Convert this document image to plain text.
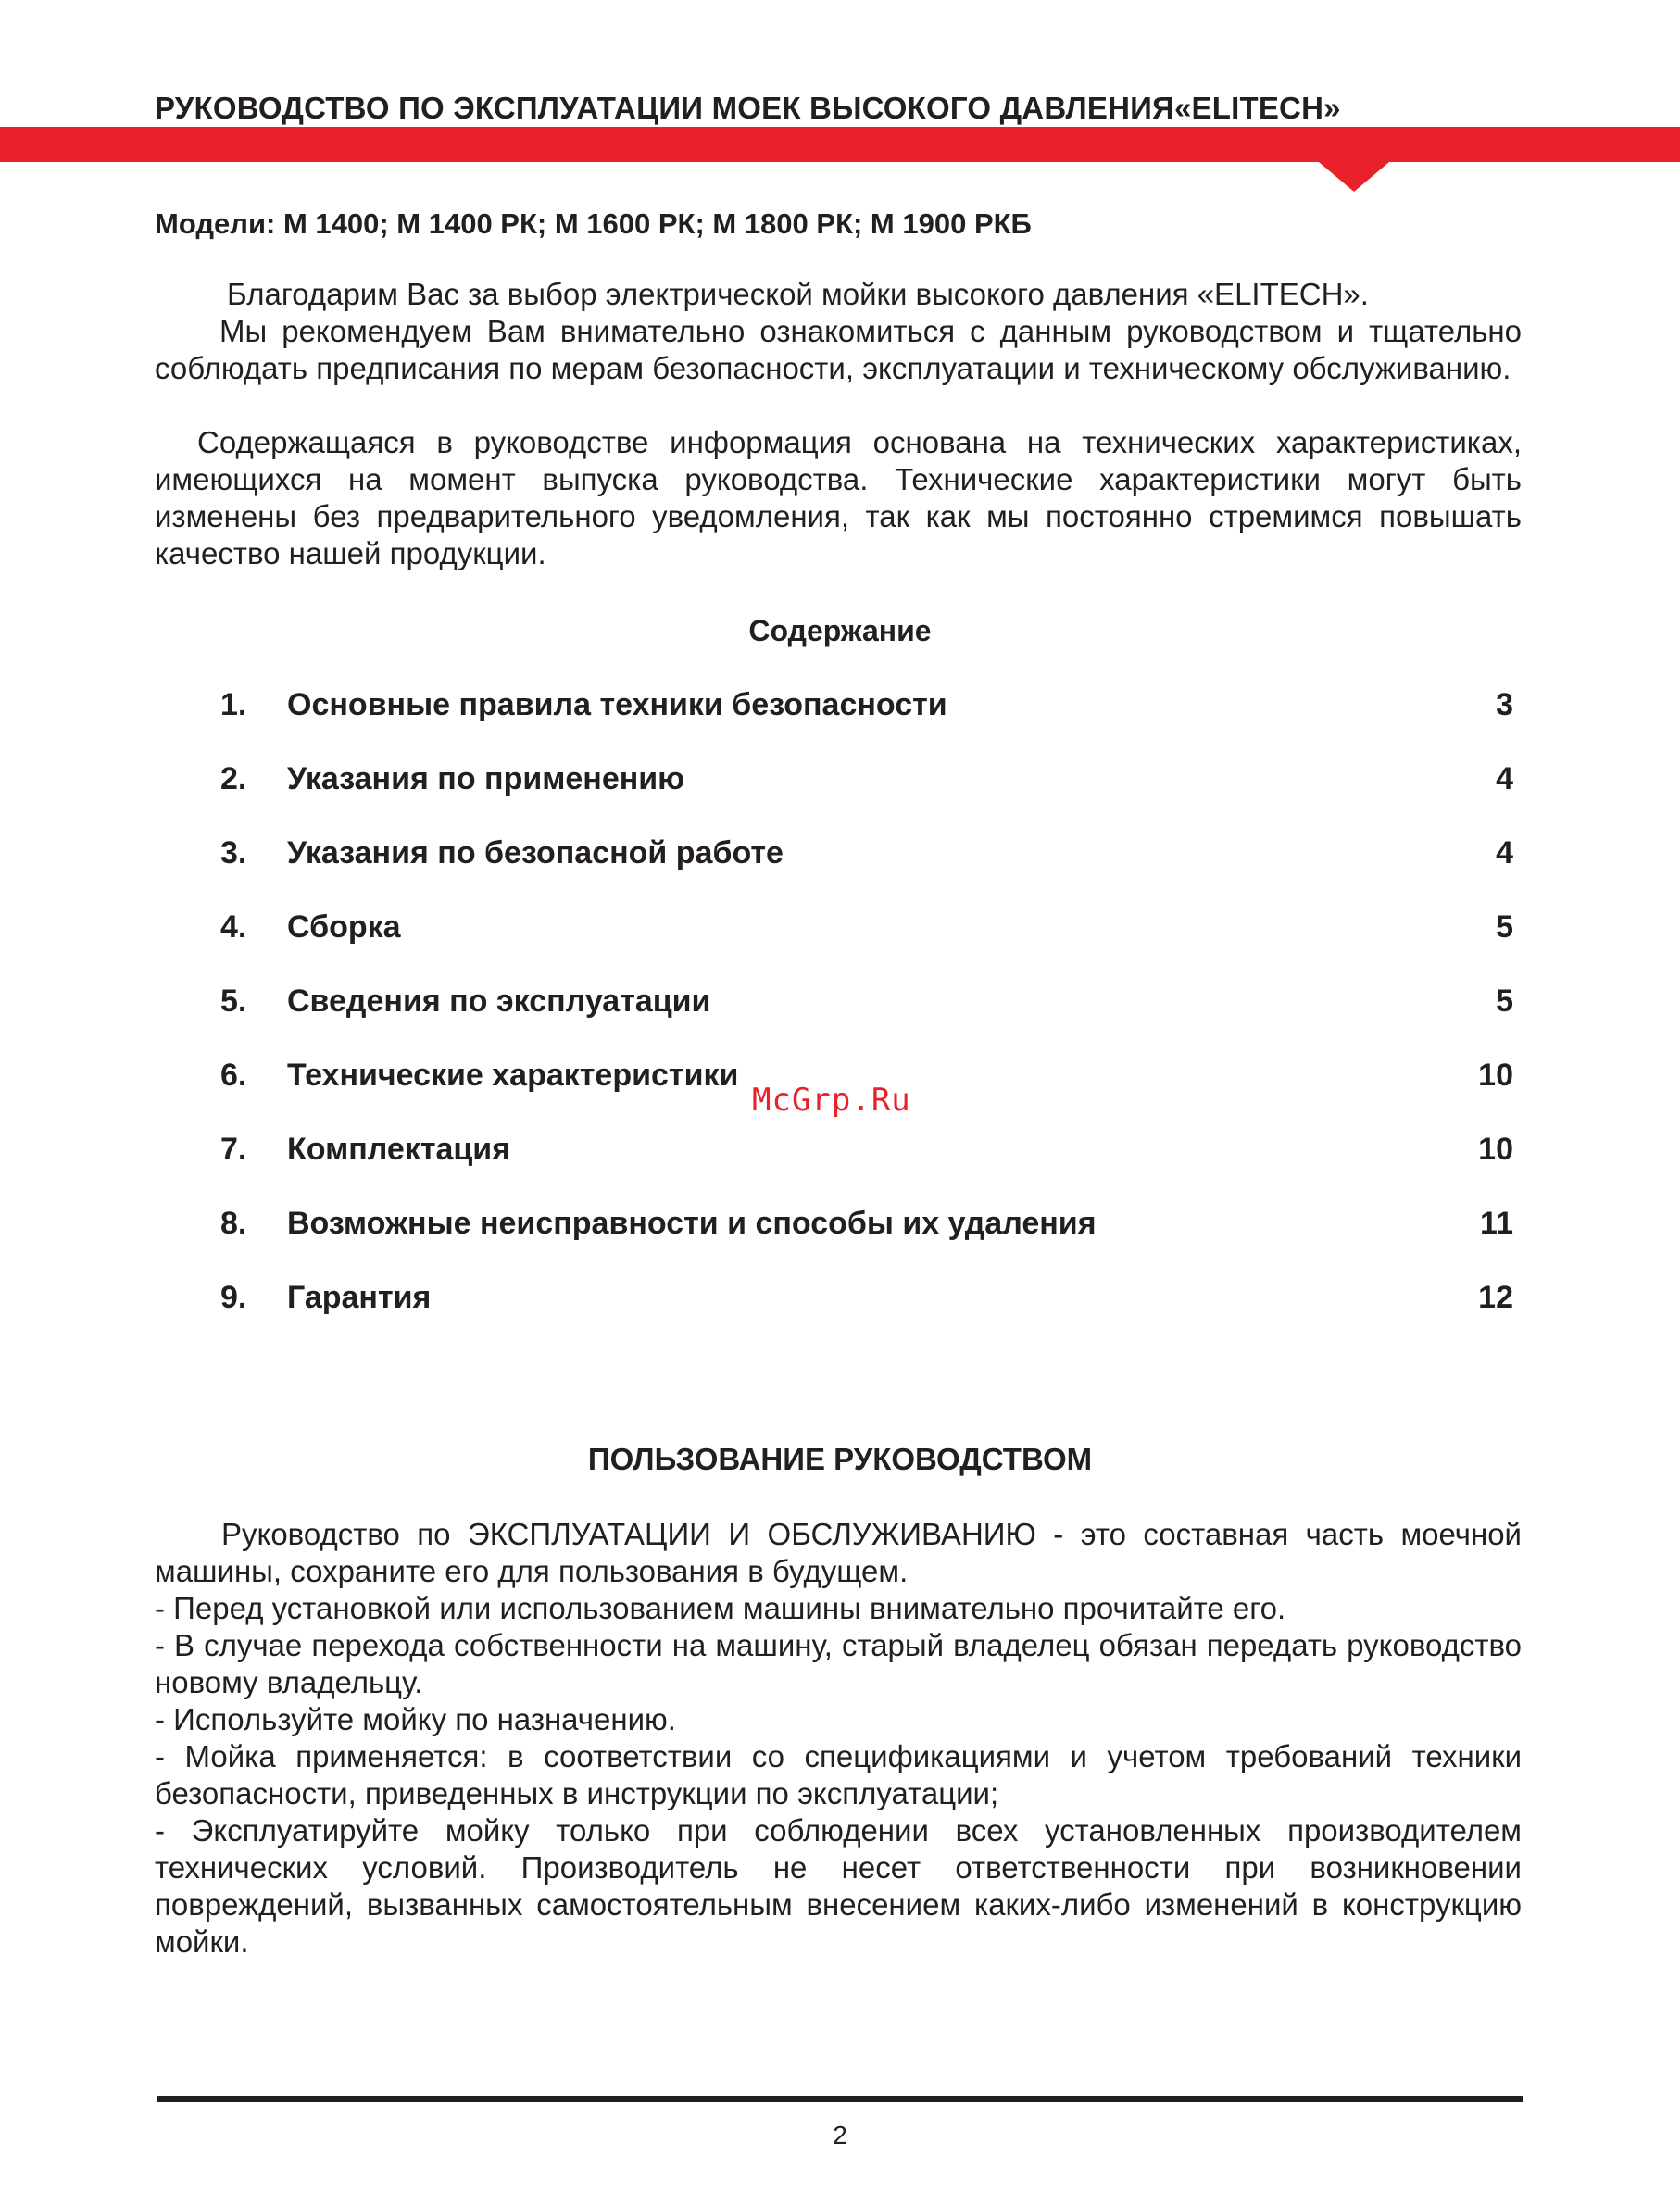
РУКОВОДСТВО ПО ЭКСПЛУАТАЦИИ МОЕК ВЫСОКОГО ДАВЛЕНИЯ«ELITECH»
Модели: М 1400; М 1400 РК; М 1600 РК; М 1800 РК; М 1900 РКБ

Благодарим Вас за выбор электрической мойки высокого давления «ELITECH».

Мы рекомендуем Вам внимательно ознакомиться с данным руководством и тщательно соблюдать предписания по мерам безопасности, эксплуатации и техническому обслуживанию.

Содержащаяся в руководстве информация основана на технических характеристиках, имеющихся на момент выпуска руководства. Технические характеристики могут быть изменены без предварительного уведомления, так как мы постоянно стремимся повышать качество нашей продукции.

Содержание
1. Основные правила техники безопасности	3
2. Указания по применению	4
3. Указания по безопасной работе	4
4. Сборка	5
5. Сведения по эксплуатации	5
6. Технические характеристики	10
7. Комплектация	10
8. Возможные неисправности и способы их удаления	11
9. Гарантия	12
McGrp.Ru
ПОЛЬЗОВАНИЕ РУКОВОДСТВОМ

Руководство по ЭКСПЛУАТАЦИИ И ОБСЛУЖИВАНИЮ - это составная часть моечной машины, сохраните его для пользования в будущем.

- Перед установкой или использованием машины внимательно прочитайте его.

- В случае перехода собственности на машину, старый владелец обязан передать руководство новому владельцу.

- Используйте мойку по назначению.

- Мойка применяется: в соответствии со спецификациями и учетом требований техники безопасности, приведенных в инструкции по эксплуатации;

- Эксплуатируйте мойку только при соблюдении всех установленных производителем технических условий. Производитель не несет ответственности при возникновении повреждений, вызванных самостоятельным внесением каких-либо изменений в конструкцию мойки.

2
